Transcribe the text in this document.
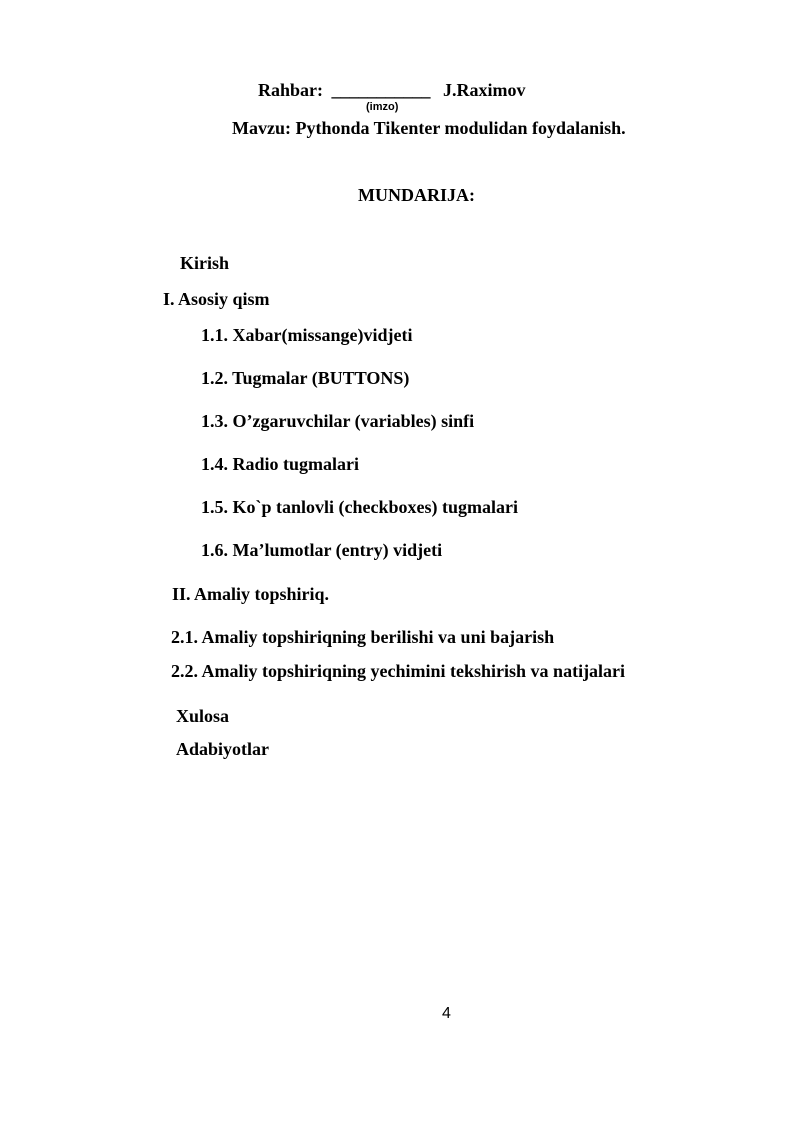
Rahbar: ___________ J.Raximov
(imzo)
Mavzu: Pythonda Tikenter modulidan foydalanish.
MUNDARIJA:
Kirish
I. Asosiy qism
1.1. Xabar(missange)vidjeti
1.2. Tugmalar (BUTTONS)
1.3. O’zgaruvchilar (variables) sinfi
1.4. Radio tugmalari
1.5. Ko`p tanlovli (checkboxes) tugmalari
1.6. Ma’lumotlar (entry) vidjeti
II. Amaliy topshiriq.
2.1. Amaliy topshiriqning berilishi va uni bajarish
2.2. Amaliy topshiriqning yechimini tekshirish va natijalari
Xulosa
Adabiyotlar
4
